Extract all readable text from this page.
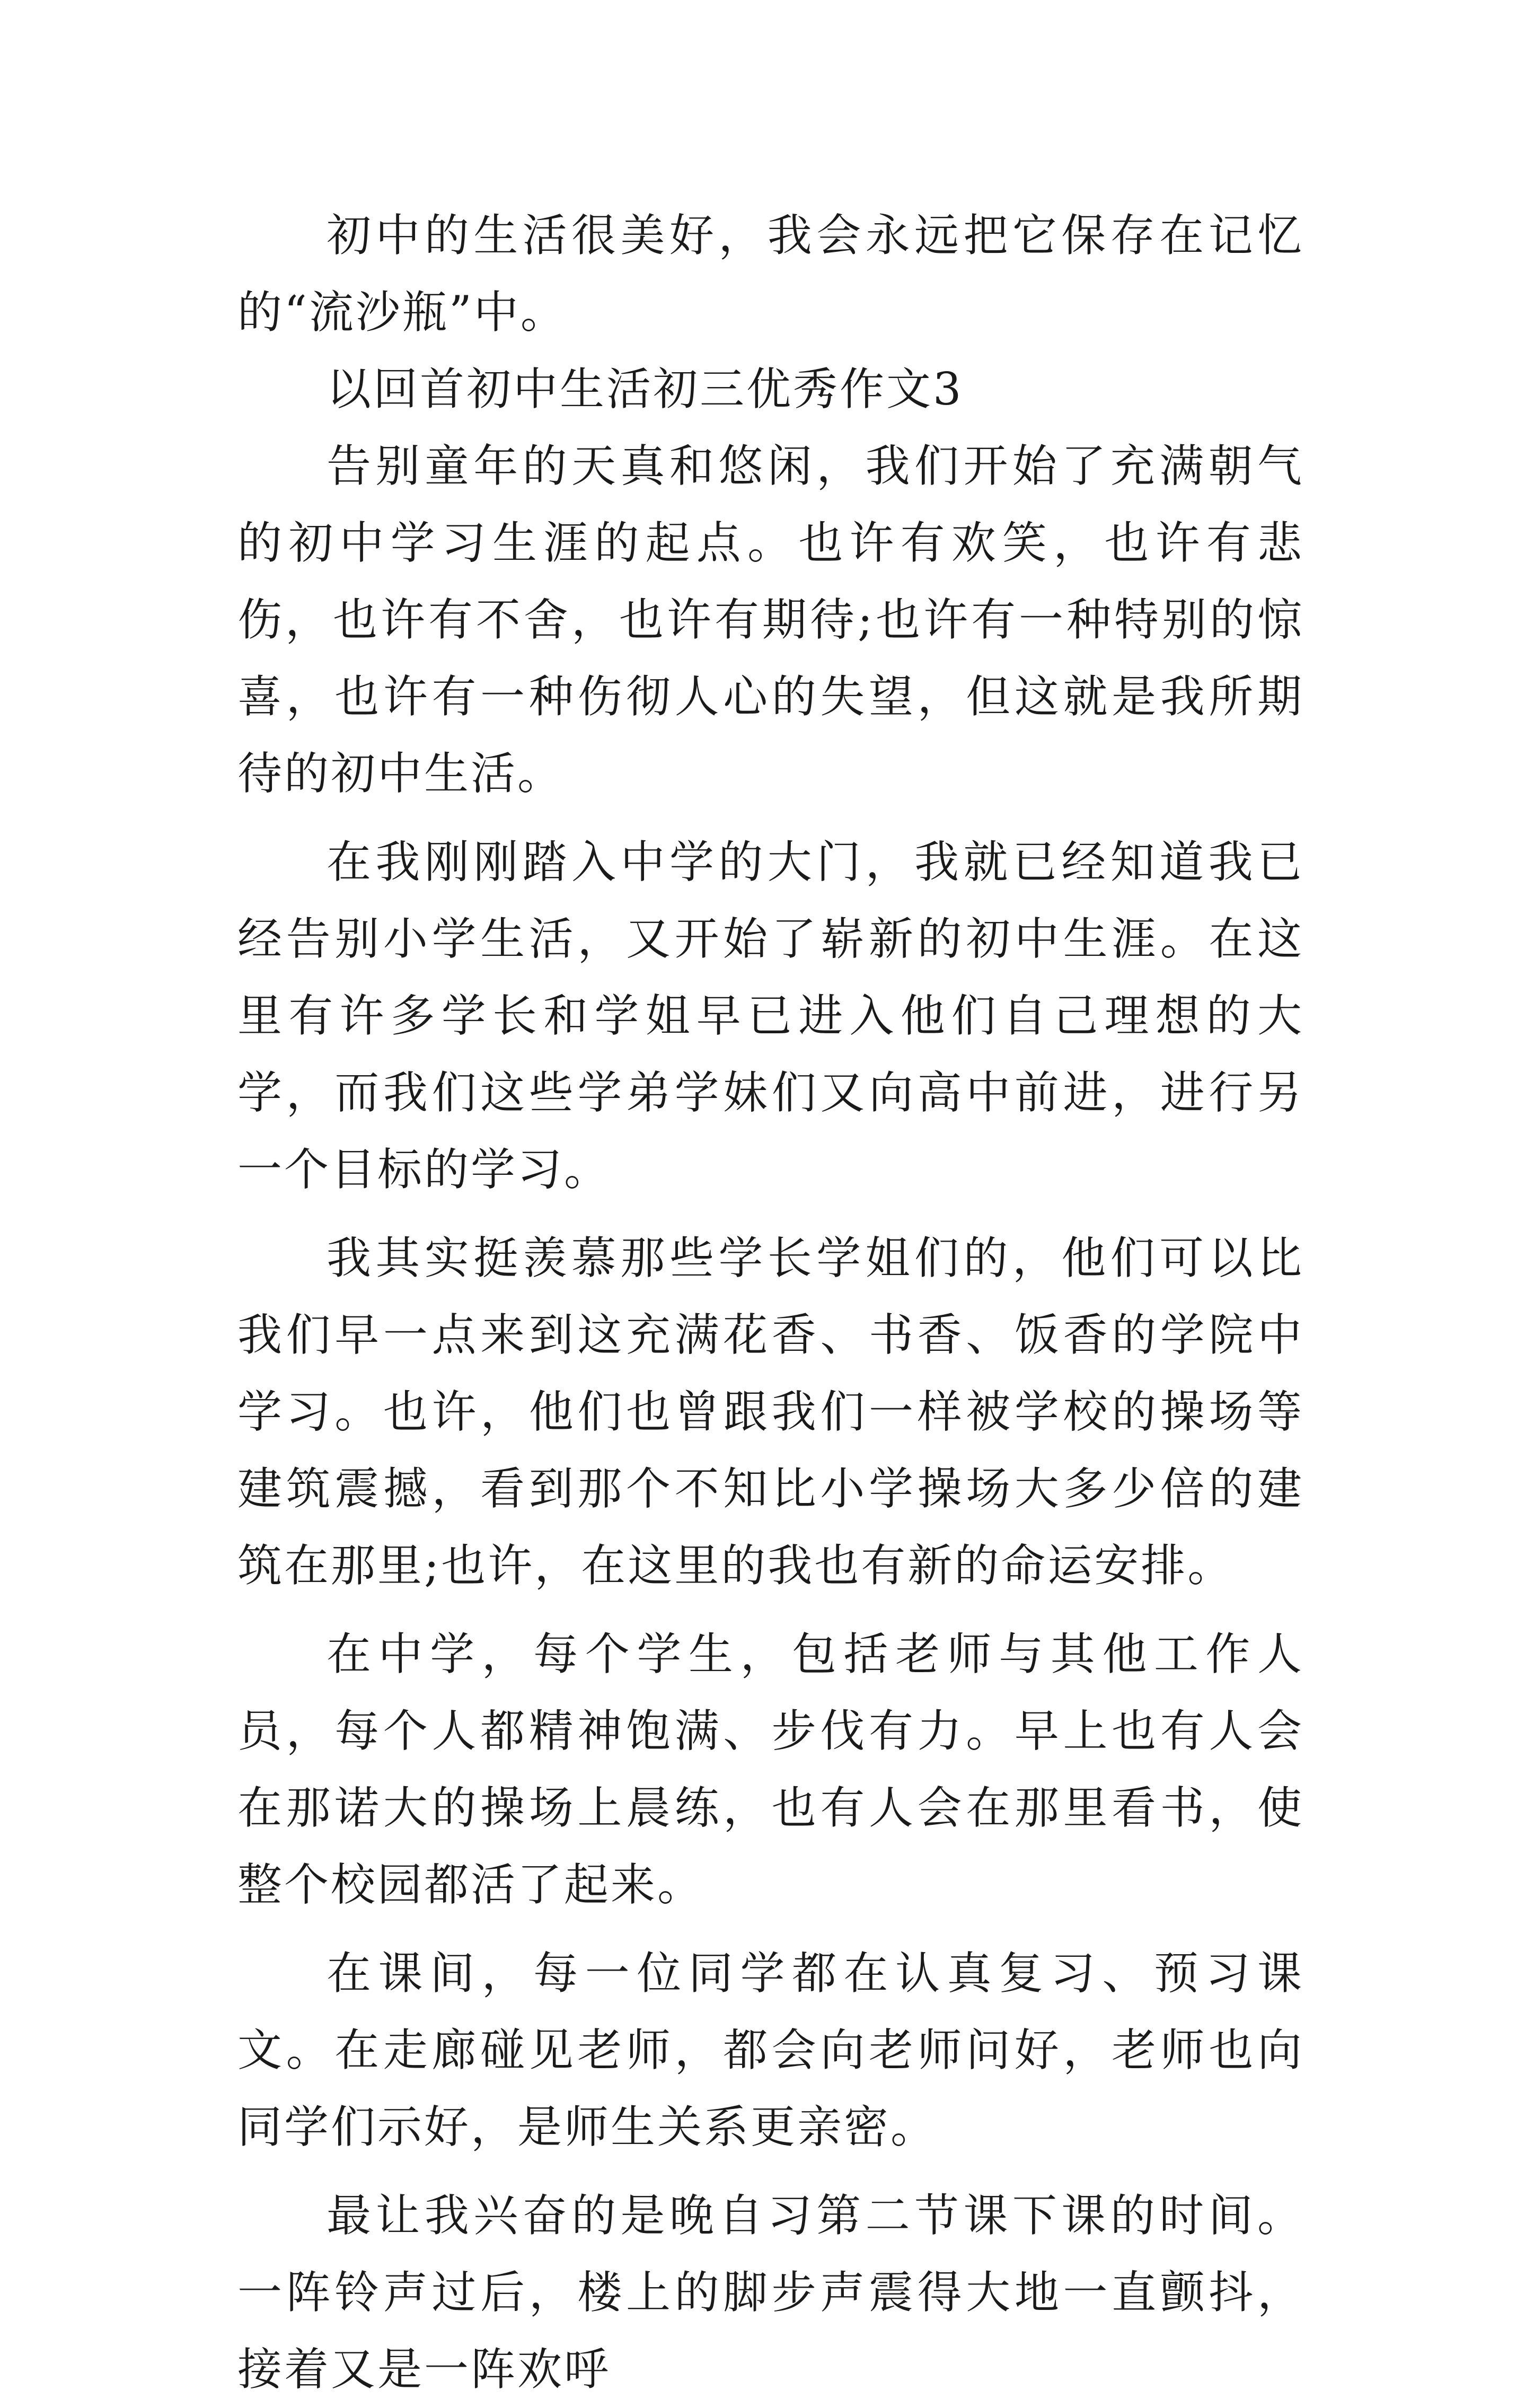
初中的生活很美好，我会永远把它保存在记忆的“流沙瓶”中。

以回首初中生活初三优秀作文3

告别童年的天真和悠闲，我们开始了充满朝气的初中学习生涯的起点。也许有欢笑，也许有悲伤，也许有不舍，也许有期待;也许有一种特别的惊喜，也许有一种伤彻人心的失望，但这就是我所期待的初中生活。

在我刚刚踏入中学的大门，我就已经知道我已经告别小学生活，又开始了崭新的初中生涯。在这里有许多学长和学姐早已进入他们自己理想的大学，而我们这些学弟学妹们又向高中前进，进行另一个目标的学习。

我其实挺羡慕那些学长学姐们的，他们可以比我们早一点来到这充满花香、书香、饭香的学院中学习。也许，他们也曾跟我们一样被学校的操场等建筑震撼，看到那个不知比小学操场大多少倍的建筑在那里;也许，在这里的我也有新的命运安排。

在中学，每个学生，包括老师与其他工作人员，每个人都精神饱满、步伐有力。早上也有人会在那诺大的操场上晨练，也有人会在那里看书，使整个校园都活了起来。

在课间，每一位同学都在认真复习、预习课文。在走廊碰见老师，都会向老师问好，老师也向同学们示好，是师生关系更亲密。

最让我兴奋的是晚自习第二节课下课的时间。一阵铃声过后，楼上的脚步声震得大地一直颤抖，接着又是一阵欢呼
